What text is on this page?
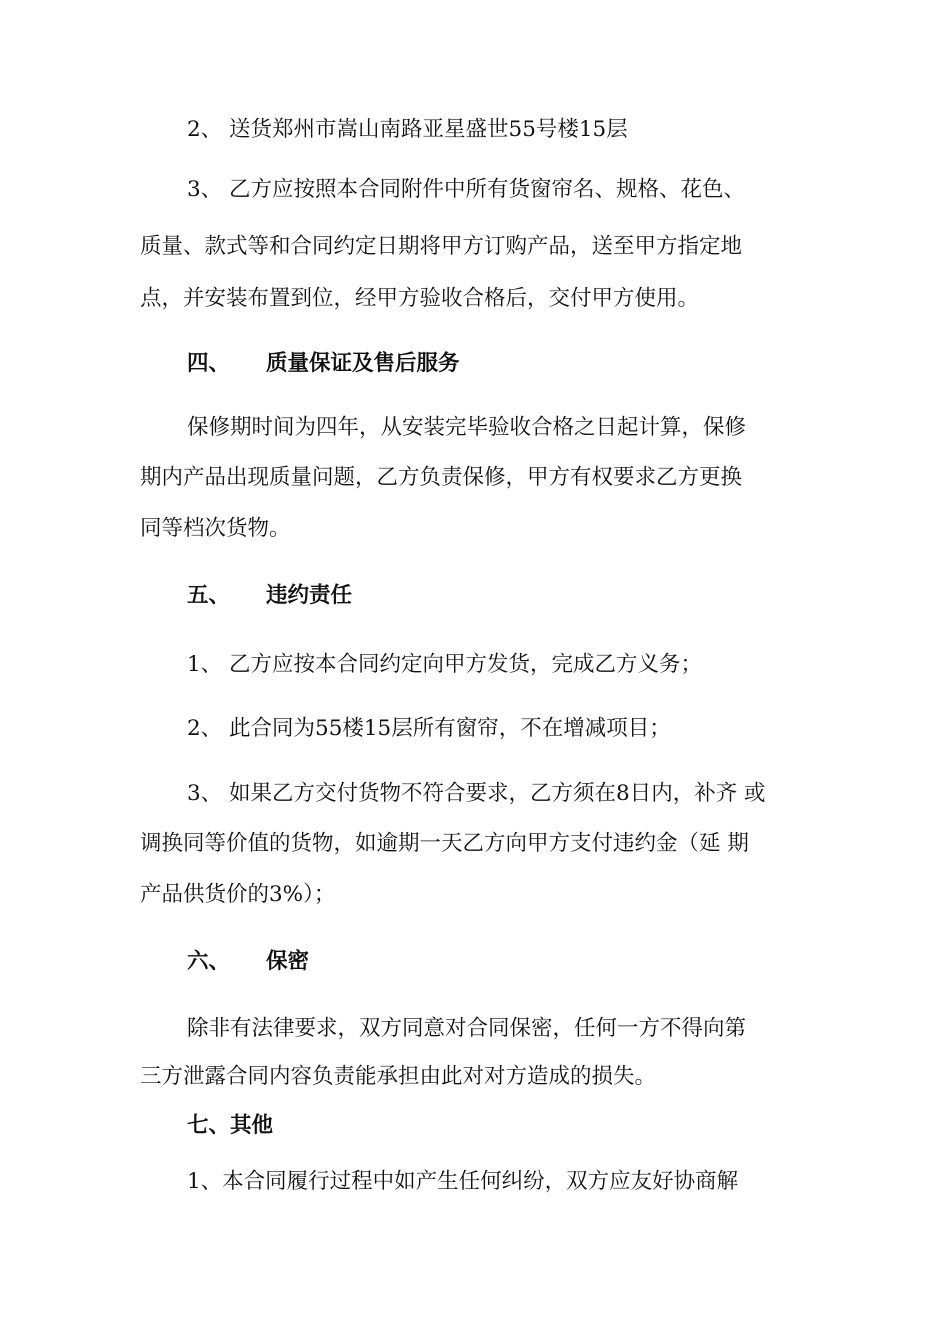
2、 送货郑州市嵩山南路亚星盛世55号楼15层
3、 乙方应按照本合同附件中所有货窗帘名、规格、花色、
质量、款式等和合同约定日期将甲方订购产品，送至甲方指定地
点，并安装布置到位，经甲方验收合格后，交付甲方使用。
四、 质量保证及售后服务
保修期时间为四年，从安装完毕验收合格之日起计算，保修
期内产品出现质量问题，乙方负责保修，甲方有权要求乙方更换
同等档次货物。
五、 违约责任
1、 乙方应按本合同约定向甲方发货，完成乙方义务；
2、 此合同为55楼15层所有窗帘，不在增减项目；
3、 如果乙方交付货物不符合要求，乙方须在8日内，补齐 或
调换同等价值的货物，如逾期一天乙方向甲方支付违约金（延 期
产品供货价的3%）；
六、 保密
除非有法律要求，双方同意对合同保密，任何一方不得向第
三方泄露合同内容负责能承担由此对对方造成的损失。
七、其他
1、本合同履行过程中如产生任何纠纷，双方应友好协商解
